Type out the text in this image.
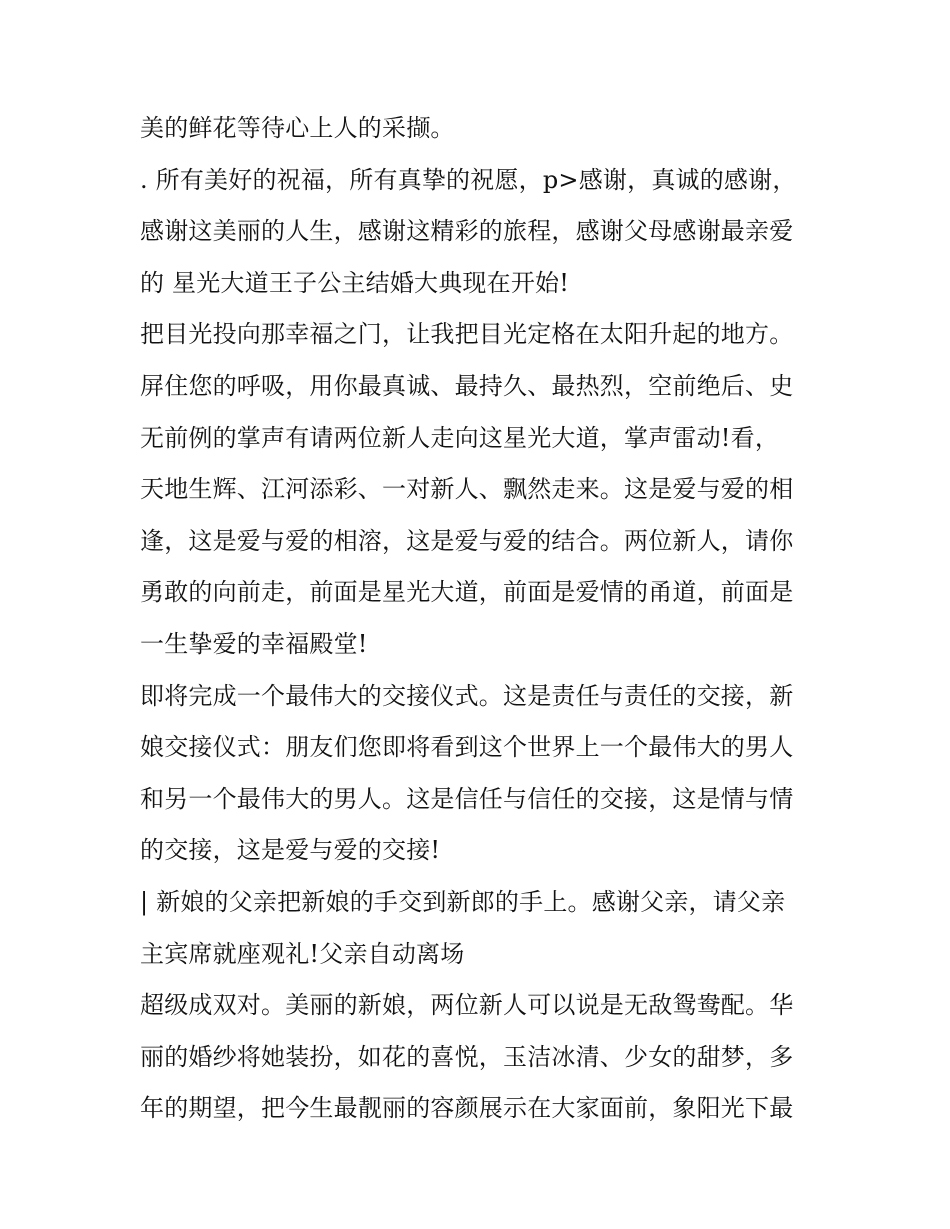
美的鲜花等待心上人的采撷。
. 所有美好的祝福，所有真挚的祝愿，p>感谢，真诚的感谢，
感谢这美丽的人生，感谢这精彩的旅程，感谢父母感谢最亲爱
的 星光大道王子公主结婚大典现在开始!
把目光投向那幸福之门，让我把目光定格在太阳升起的地方。
屏住您的呼吸，用你最真诚、最持久、最热烈，空前绝后、史
无前例的掌声有请两位新人走向这星光大道，掌声雷动!看，
天地生辉、江河添彩、一对新人、飘然走来。这是爱与爱的相
逢，这是爱与爱的相溶，这是爱与爱的结合。两位新人，请你
勇敢的向前走，前面是星光大道，前面是爱情的甬道，前面是
一生挚爱的幸福殿堂!
即将完成一个最伟大的交接仪式。这是责任与责任的交接，新
娘交接仪式：朋友们您即将看到这个世界上一个最伟大的男人
和另一个最伟大的男人。这是信任与信任的交接，这是情与情
的交接，这是爱与爱的交接!
| 新娘的父亲把新娘的手交到新郎的手上。感谢父亲，请父亲
主宾席就座观礼!父亲自动离场
超级成双对。美丽的新娘，两位新人可以说是无敌鸳鸯配。华
丽的婚纱将她装扮，如花的喜悦，玉洁冰清、少女的甜梦，多
年的期望，把今生最靓丽的容颜展示在大家面前，象阳光下最
